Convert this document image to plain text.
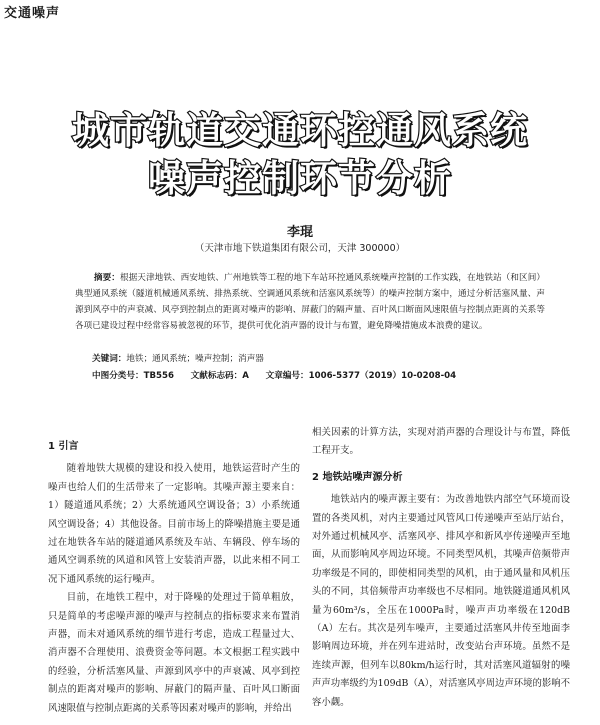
交通噪声
城市轨道交通环控通风系统
噪声控制环节分析
李琨
（天津市地下铁道集团有限公司，天津 300000）
摘要：根据天津地铁、西安地铁、广州地铁等工程的地下车站环控通风系统噪声控制的工作实践，在地铁站（和区间）典型通风系统（隧道机械通风系统、排热系统、空调通风系统和活塞风系统等）的噪声控制方案中，通过分析活塞风量、声源到风亭中的声衰减、风亭到控制点的距离对噪声的影响、屏蔽门的隔声量、百叶风口断面风速限值与控制点距离的关系等各项已建设过程中经常容易被忽视的环节，提供可优化消声器的设计与布置，避免降噪措施成本浪费的建议。
关键词：地铁；通风系统；噪声控制；消声器
中图分类号：TB556 文献标志码：A 文章编号：1006-5377（2019）10-0208-04
1 引言

随着地铁大规模的建设和投入使用，地铁运营时产生的噪声也给人们的生活带来了一定影响。其噪声源主要来自：1）隧道通风系统；2）大系统通风空调设备；3）小系统通风空调设备；4）其他设备。目前市场上的降噪措施主要是通过在地铁各车站的隧道通风系统及车站、车辆段、停车场的通风空调系统的风道和风管上安装消声器，以此来相不同工况下通风系统的运行噪声。

目前，在地铁工程中，对于降噪的处理过于简单粗放，只是简单的考虑噪声源的噪声与控制点的指标要求来布置消声器，而未对通风系统的细节进行考虑，造成工程量过大、消声器不合理使用、浪费资金等问题。本文根据工程实践中的经验，分析活塞风量、声源到风亭中的声衰减、风亭到控制点的距离对噪声的影响、屏蔽门的隔声量、百叶风口断面风速限值与控制点距离的关系等因素对噪声的影响，并给出

相关因素的计算方法，实现对消声器的合理设计与布置，降低工程开支。

2 地铁站噪声源分析

地铁站内的噪声源主要有：为改善地铁内部空气环境而设置的各类风机，对内主要通过风管风口传递噪声至站厅站台，对外通过机械风亭、活塞风亭、排风亭和新风亭传递噪声至地面，从而影响风亭周边环境。不同类型风机，其噪声倍频带声功率级是不同的，即使相同类型的风机，由于通风量和风机压头的不同，其倍频带声功率级也不尽相同。地铁隧道通风机风量为60m³/s，全压在1000Pa时，噪声声功率级在120dB（A）左右。其次是列车噪声，主要通过活塞风井传至地面李影响周边环境，并在列车进站时，改变站台声环境。虽然不是连续声源，但列车以80km/h运行时，其对活塞风道辐射的噪声声功率级约为109dB（A），对活塞风亭周边声环境的影响不容小觑。
